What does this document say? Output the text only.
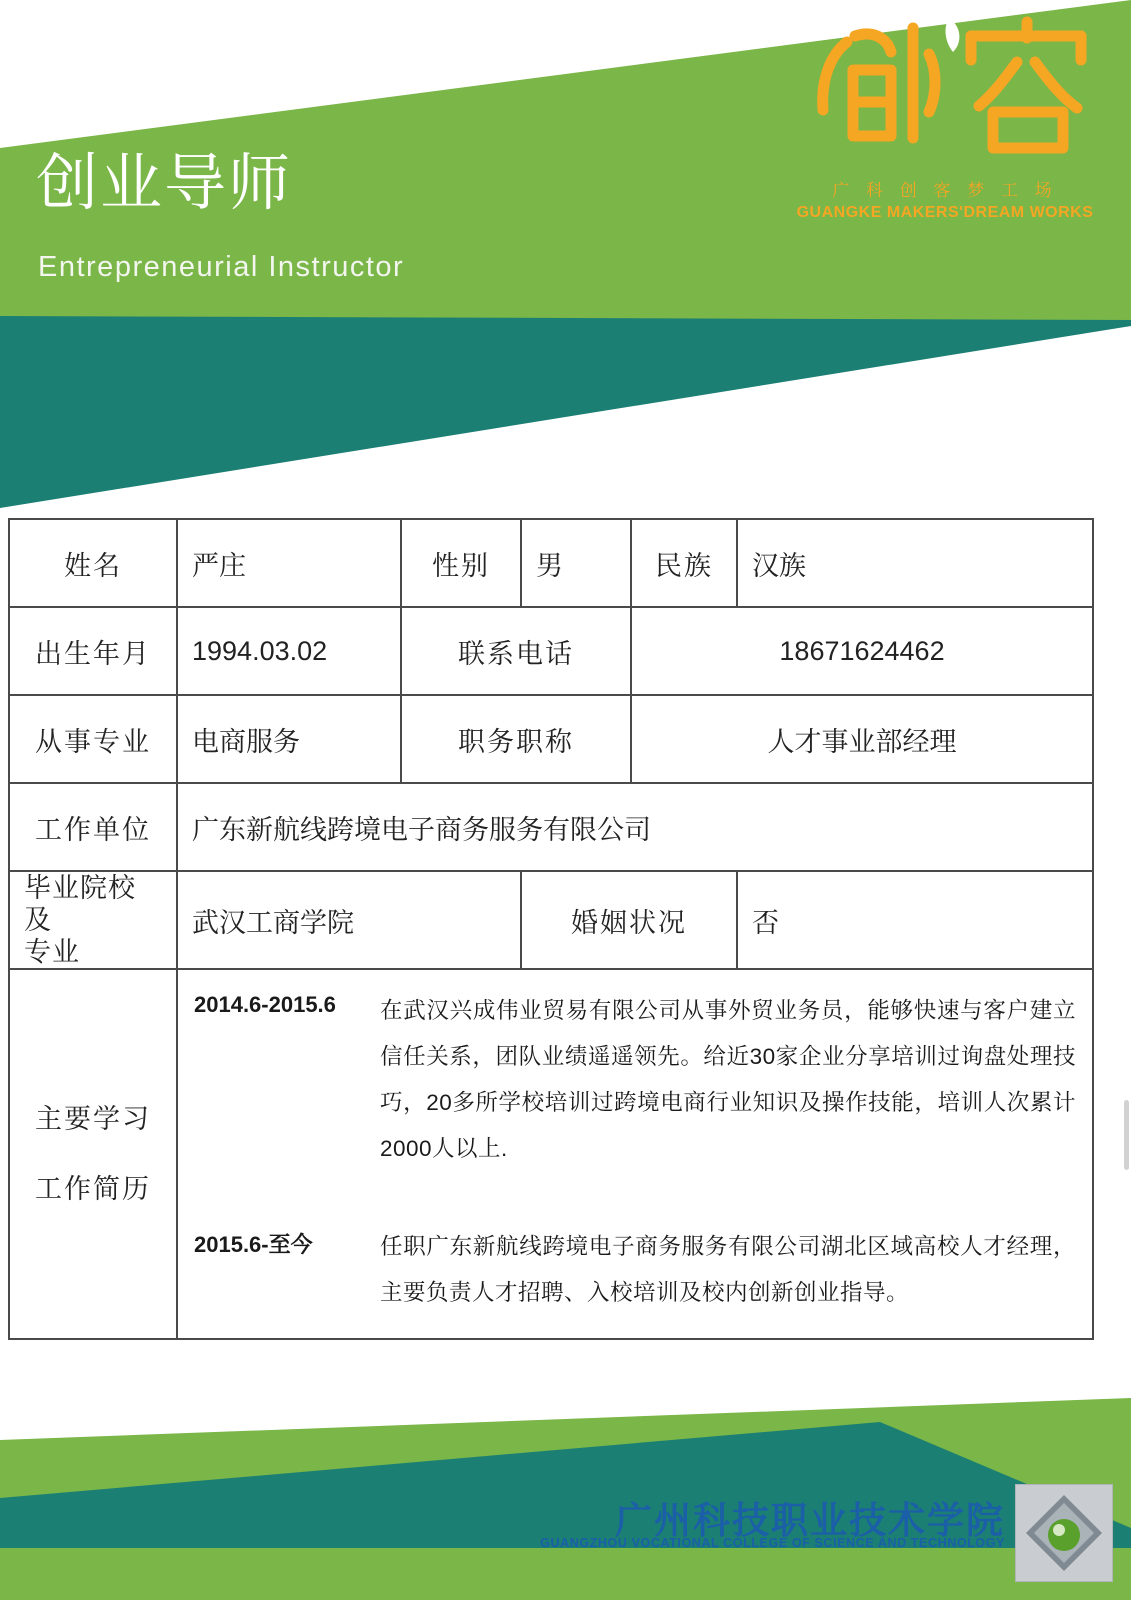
创业导师
Entrepreneurial Instructor
广 科 创 客 梦 工 场
GUANGKE MAKERS'DREAM WORKS
姓名	严庄	性别	男	民族	汉族
出生年月	1994.03.02	联系电话		18671624462	
从事专业	电商服务	职务职称		人才事业部经理	
工作单位	广东新航线跨境电子商务服务有限公司				

毕业院校及
专业	武汉工商学院		婚姻状况		否

主要学习
工作简历

2014.6-2015.6	在武汉兴成伟业贸易有限公司从事外贸业务员，能够快速与客户建立信任关系，团队业绩遥遥领先。给近30家企业分享培训过询盘处理技巧，20多所学校培训过跨境电商行业知识及操作技能，培训人次累计2000人以上.
2015.6-至今	任职广东新航线跨境电子商务服务有限公司湖北区域高校人才经理，主要负责人才招聘、入校培训及校内创新创业指导。
广州科技职业技术学院
GUANGZHOU VOCATIONAL COLLEGE OF SCIENCE AND TECHNOLOGY
